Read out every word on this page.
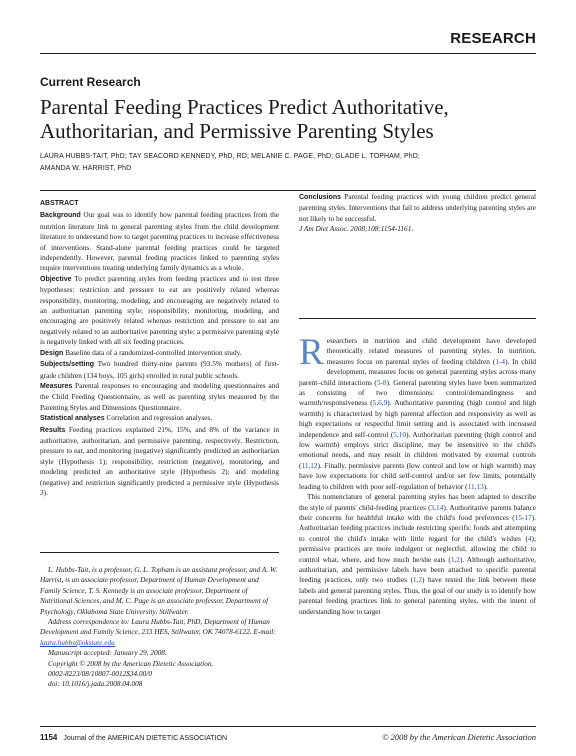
RESEARCH
Current Research
Parental Feeding Practices Predict Authoritative, Authoritarian, and Permissive Parenting Styles
LAURA HUBBS-TAIT, PhD; TAY SEACORD KENNEDY, PhD, RD; MELANIE C. PAGE, PhD; GLADE L. TOPHAM, PhD;
AMANDA W. HARRIST, PhD
ABSTRACT

Background Our goal was to identify how parental feeding practices from the nutrition literature link to general parenting styles from the child development literature to understand how to target parenting practices to increase effectiveness of interventions. Stand-alone parental feeding practices could be targeted independently. However, parental feeding practices linked to parenting styles require interventions treating underlying family dynamics as a whole.

Objective To predict parenting styles from feeding practices and to test three hypotheses: restriction and pressure to eat are positively related whereas responsibility, monitoring, modeling, and encouraging are negatively related to an authoritarian parenting style; responsibility, monitoring, modeling, and encouraging are positively related whereas restriction and pressure to eat are negatively related to an authoritative parenting style; a permissive parenting style is negatively linked with all six feeding practices.

Design Baseline data of a randomized-controlled intervention study.

Subjects/setting Two hundred thirty-nine parents (93.5% mothers) of first-grade children (134 boys, 105 girls) enrolled in rural public schools.

Measures Parental responses to encouraging and modeling questionnaires and the Child Feeding Questionnaire, as well as parenting styles measured by the Parenting Styles and Dimensions Questionnaire.

Statistical analyses Correlation and regression analyses.

Results Feeding practices explained 21%, 15%, and 8% of the variance in authoritative, authoritarian, and permissive parenting, respectively. Restriction, pressure to eat, and monitoring (negative) significantly predicted an authoritarian style (Hypothesis 1); responsibility, restriction (negative), monitoring, and modeling predicted an authoritative style (Hypothesis 2); and modeling (negative) and restriction significantly predicted a permissive style (Hypothesis 3).

Conclusions Parental feeding practices with young children predict general parenting styles. Interventions that fail to address underlying parenting styles are not likely to be successful.

J Am Diet Assoc. 2008;108:1154-1161.

L. Hubbs-Tait, is a professor, G. L. Topham is an assistant professor, and A. W. Harrist, is an associate professor, Department of Human Development and Family Science, T. S. Kennedy is an associate professor, Department of Nutritional Sciences, and M. C. Page is an associate professor, Department of Psychology, Oklahoma State University, Stillwater.

Address correspondence to: Laura Hubbs-Tait, PhD, Department of Human Development and Family Science, 233 HES, Stillwater, OK 74078-6122. E-mail: laura.hubbs@okstate.edu

Manuscript accepted: January 29, 2008.

Copyright © 2008 by the American Dietetic Association.

0002-8223/08/10807-0012$34.00/0

doi: 10.1016/j.jada.2008.04.008

Researchers in nutrition and child development have developed theoretically related measures of parenting styles. In nutrition, measures focus on parental styles of feeding children (1-4). In child development, measures focus on general parenting styles across many parent–child interactions (5-8). General parenting styles have been summarized as consisting of two dimensions: control/demandingness and warmth/responsiveness (5,6,9). Authoritative parenting (high control and high warmth) is characterized by high parental affection and responsivity as well as high expectations or respectful limit setting and is associated with increased independence and self-control (5,10). Authoritarian parenting (high control and low warmth) employs strict discipline, may be insensitive to the child's emotional needs, and may result in children motivated by external controls (11,12). Finally, permissive parents (low control and low or high warmth) may have low expectations for child self-control and/or set few limits, potentially leading to children with poor self-regulation of behavior (11,13).

This nomenclature of general parenting styles has been adapted to describe the style of parents' child-feeding practices (3,14). Authoritative parents balance their concerns for healthful intake with the child's food preferences (15-17). Authoritarian feeding practices include restricting specific foods and attempting to control the child's intake with little regard for the child's wishes (4); permissive practices are more indulgent or neglectful, allowing the child to control what, where, and how much he/she eats (1,2). Although authoritative, authoritarian, and permissive labels have been attached to specific parental feeding practices, only two studies (1,2) have tested the link between these labels and general parenting styles. Thus, the goal of our study is to identify how parental feeding practices link to general parenting styles, with the intent of understanding how to target

1154 Journal of the AMERICAN DIETETIC ASSOCIATION	© 2008 by the American Dietetic Association
